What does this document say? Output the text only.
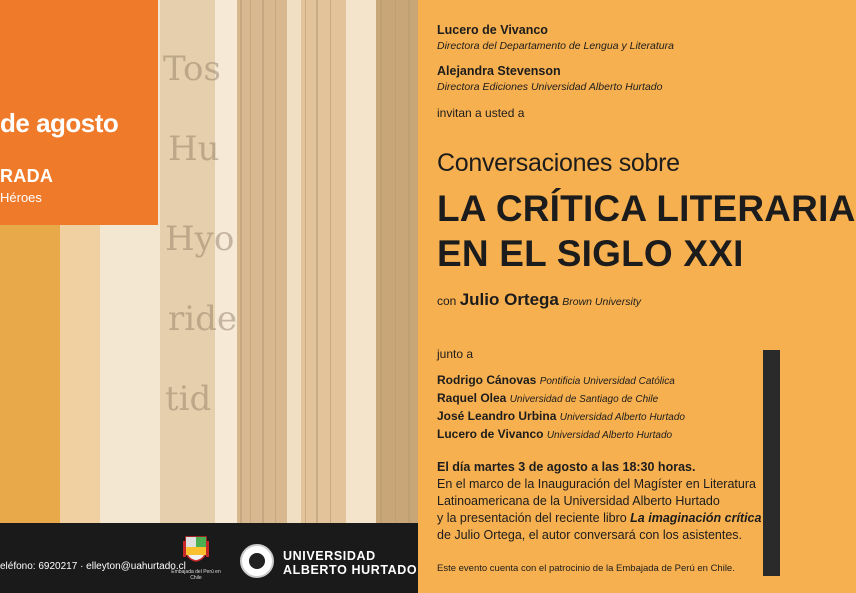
Tos
Hu
Hyo
ride
tid
de agosto
RADA
Héroes
eléfono: 6920217 · elleyton@uahurtado.cl
Embajada del Perú en Chile
UNIVERSIDAD
ALBERTO HURTADO
Lucero de Vivanco
Directora del Departamento de Lengua y Literatura
Alejandra Stevenson
Directora Ediciones Universidad Alberto Hurtado
invitan a usted a
Conversaciones sobre
LA CRÍTICA LITERARIA
EN EL SIGLO XXI
con Julio Ortega Brown University
junto a
Rodrigo Cánovas Pontificia Universidad Católica
Raquel Olea Universidad de Santiago de Chile
José Leandro Urbina Universidad Alberto Hurtado
Lucero de Vivanco Universidad Alberto Hurtado
El día martes 3 de agosto a las 18:30 horas.
En el marco de la Inauguración del Magíster en Literatura
Latinoamericana de la Universidad Alberto Hurtado
y la presentación del reciente libro La imaginación crítica
de Julio Ortega, el autor conversará con los asistentes.
Este evento cuenta con el patrocinio de la Embajada de Perú en Chile.
